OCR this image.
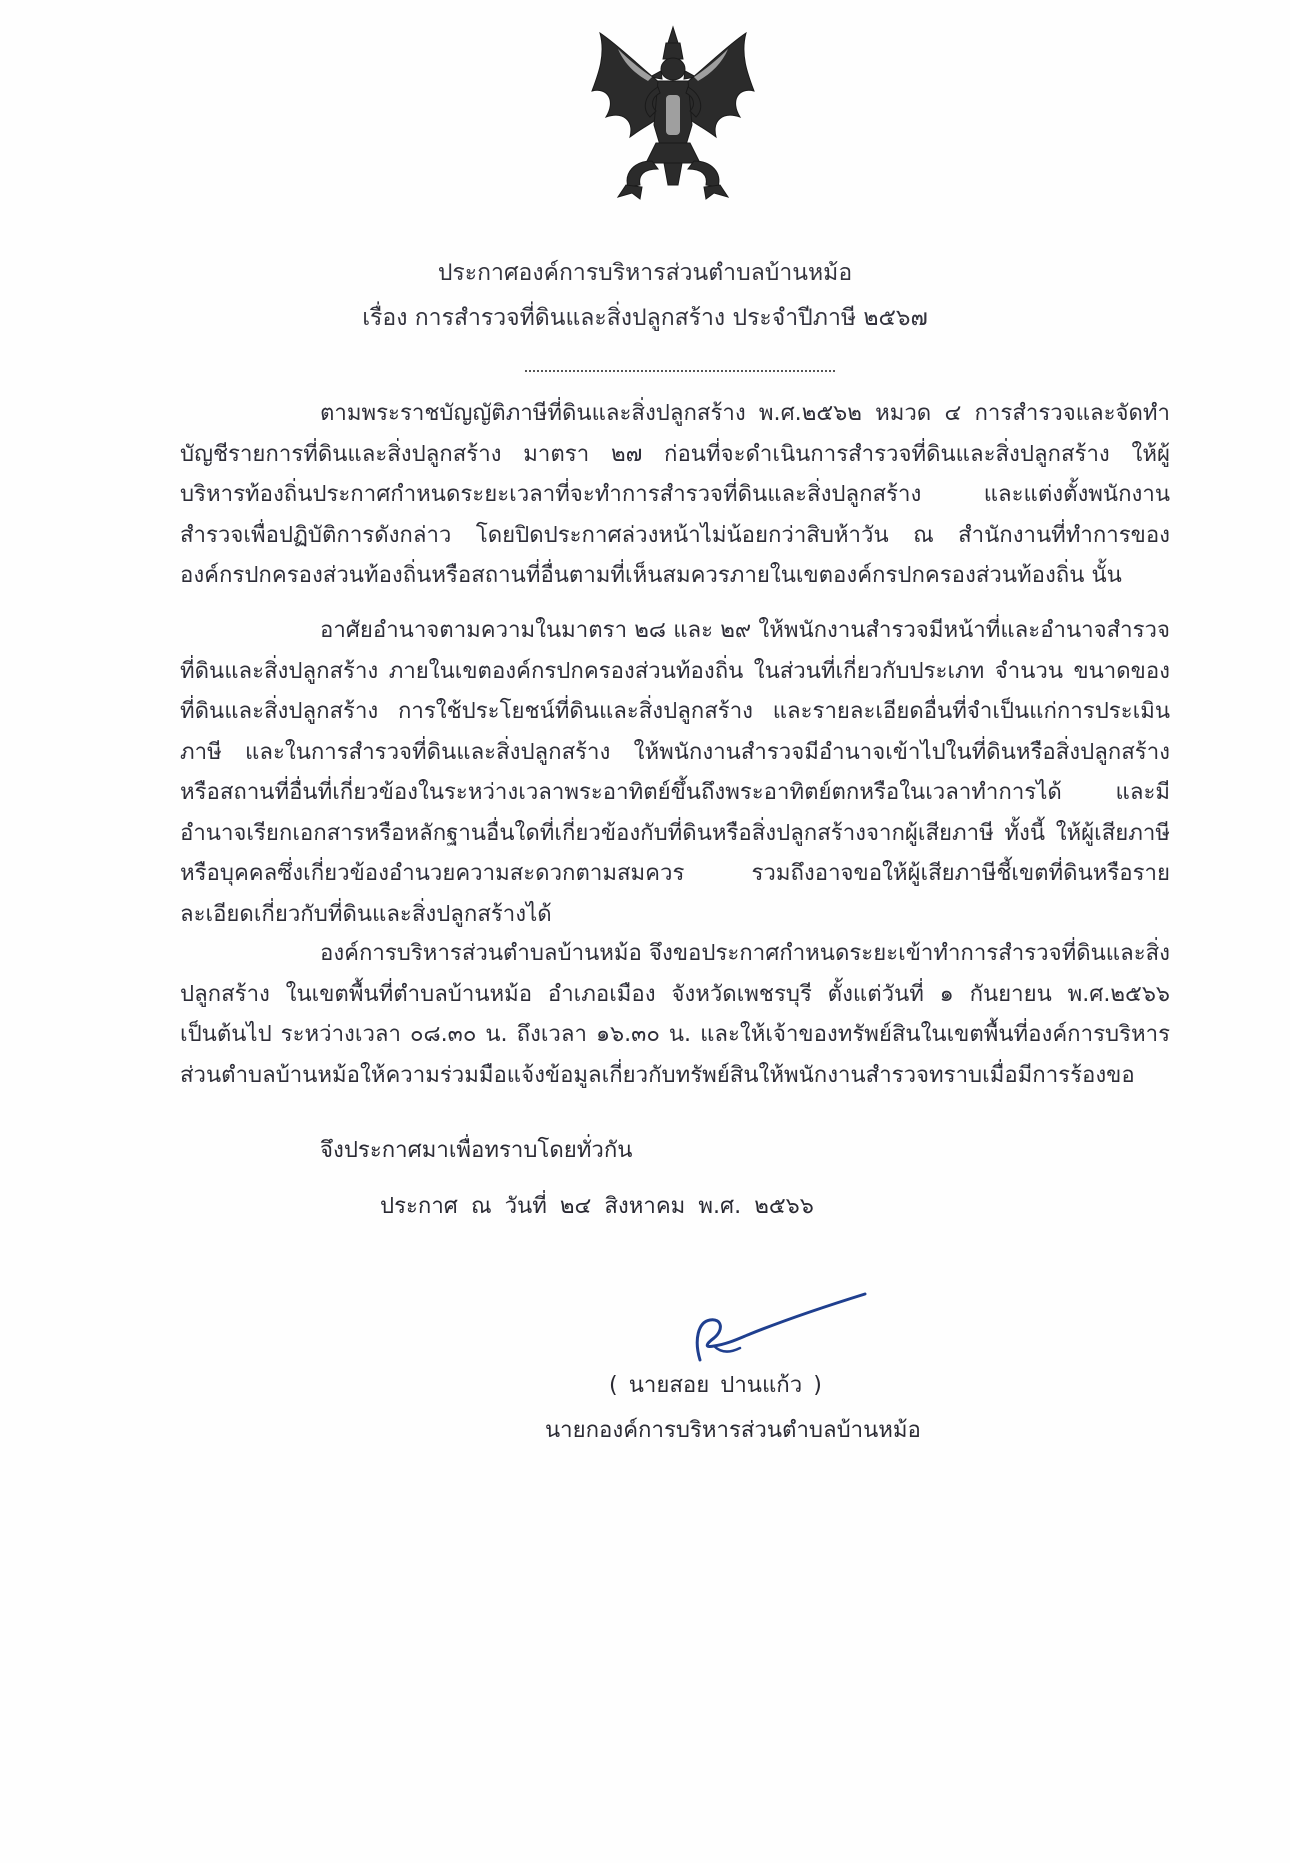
ประกาศองค์การบริหารส่วนตำบลบ้านหม้อ
เรื่อง การสำรวจที่ดินและสิ่งปลูกสร้าง ประจำปีภาษี ๒๕๖๗

ตามพระราชบัญญัติภาษีที่ดินและสิ่งปลูกสร้าง พ.ศ.๒๕๖๒ หมวด ๔ การสำรวจและจัดทำบัญชีรายการที่ดินและสิ่งปลูกสร้าง มาตรา ๒๗ ก่อนที่จะดำเนินการสำรวจที่ดินและสิ่งปลูกสร้าง ให้ผู้บริหารท้องถิ่นประกาศกำหนดระยะเวลาที่จะทำการสำรวจที่ดินและสิ่งปลูกสร้าง และแต่งตั้งพนักงานสำรวจเพื่อปฏิบัติการดังกล่าว โดยปิดประกาศล่วงหน้าไม่น้อยกว่าสิบห้าวัน ณ สำนักงานที่ทำการขององค์กรปกครองส่วนท้องถิ่นหรือสถานที่อื่นตามที่เห็นสมควรภายในเขตองค์กรปกครองส่วนท้องถิ่น นั้น

อาศัยอำนาจตามความในมาตรา ๒๘ และ ๒๙ ให้พนักงานสำรวจมีหน้าที่และอำนาจสำรวจที่ดินและสิ่งปลูกสร้าง ภายในเขตองค์กรปกครองส่วนท้องถิ่น ในส่วนที่เกี่ยวกับประเภท จำนวน ขนาดของที่ดินและสิ่งปลูกสร้าง การใช้ประโยชน์ที่ดินและสิ่งปลูกสร้าง และรายละเอียดอื่นที่จำเป็นแก่การประเมินภาษี และในการสำรวจที่ดินและสิ่งปลูกสร้าง ให้พนักงานสำรวจมีอำนาจเข้าไปในที่ดินหรือสิ่งปลูกสร้างหรือสถานที่อื่นที่เกี่ยวข้องในระหว่างเวลาพระอาทิตย์ขึ้นถึงพระอาทิตย์ตกหรือในเวลาทำการได้ และมีอำนาจเรียกเอกสารหรือหลักฐานอื่นใดที่เกี่ยวข้องกับที่ดินหรือสิ่งปลูกสร้างจากผู้เสียภาษี ทั้งนี้ ให้ผู้เสียภาษีหรือบุคคลซึ่งเกี่ยวข้องอำนวยความสะดวกตามสมควร รวมถึงอาจขอให้ผู้เสียภาษีชี้เขตที่ดินหรือรายละเอียดเกี่ยวกับที่ดินและสิ่งปลูกสร้างได้

องค์การบริหารส่วนตำบลบ้านหม้อ จึงขอประกาศกำหนดระยะเข้าทำการสำรวจที่ดินและสิ่งปลูกสร้าง ในเขตพื้นที่ตำบลบ้านหม้อ อำเภอเมือง จังหวัดเพชรบุรี ตั้งแต่วันที่ ๑ กันยายน พ.ศ.๒๕๖๖ เป็นต้นไป ระหว่างเวลา ๐๘.๓๐ น. ถึงเวลา ๑๖.๓๐ น. และให้เจ้าของทรัพย์สินในเขตพื้นที่องค์การบริหารส่วนตำบลบ้านหม้อให้ความร่วมมือแจ้งข้อมูลเกี่ยวกับทรัพย์สินให้พนักงานสำรวจทราบเมื่อมีการร้องขอ

จึงประกาศมาเพื่อทราบโดยทั่วกัน
ประกาศ ณ วันที่ ๒๔ สิงหาคม พ.ศ. ๒๕๖๖
( นายสอย ปานแก้ว )
นายกองค์การบริหารส่วนตำบลบ้านหม้อ
